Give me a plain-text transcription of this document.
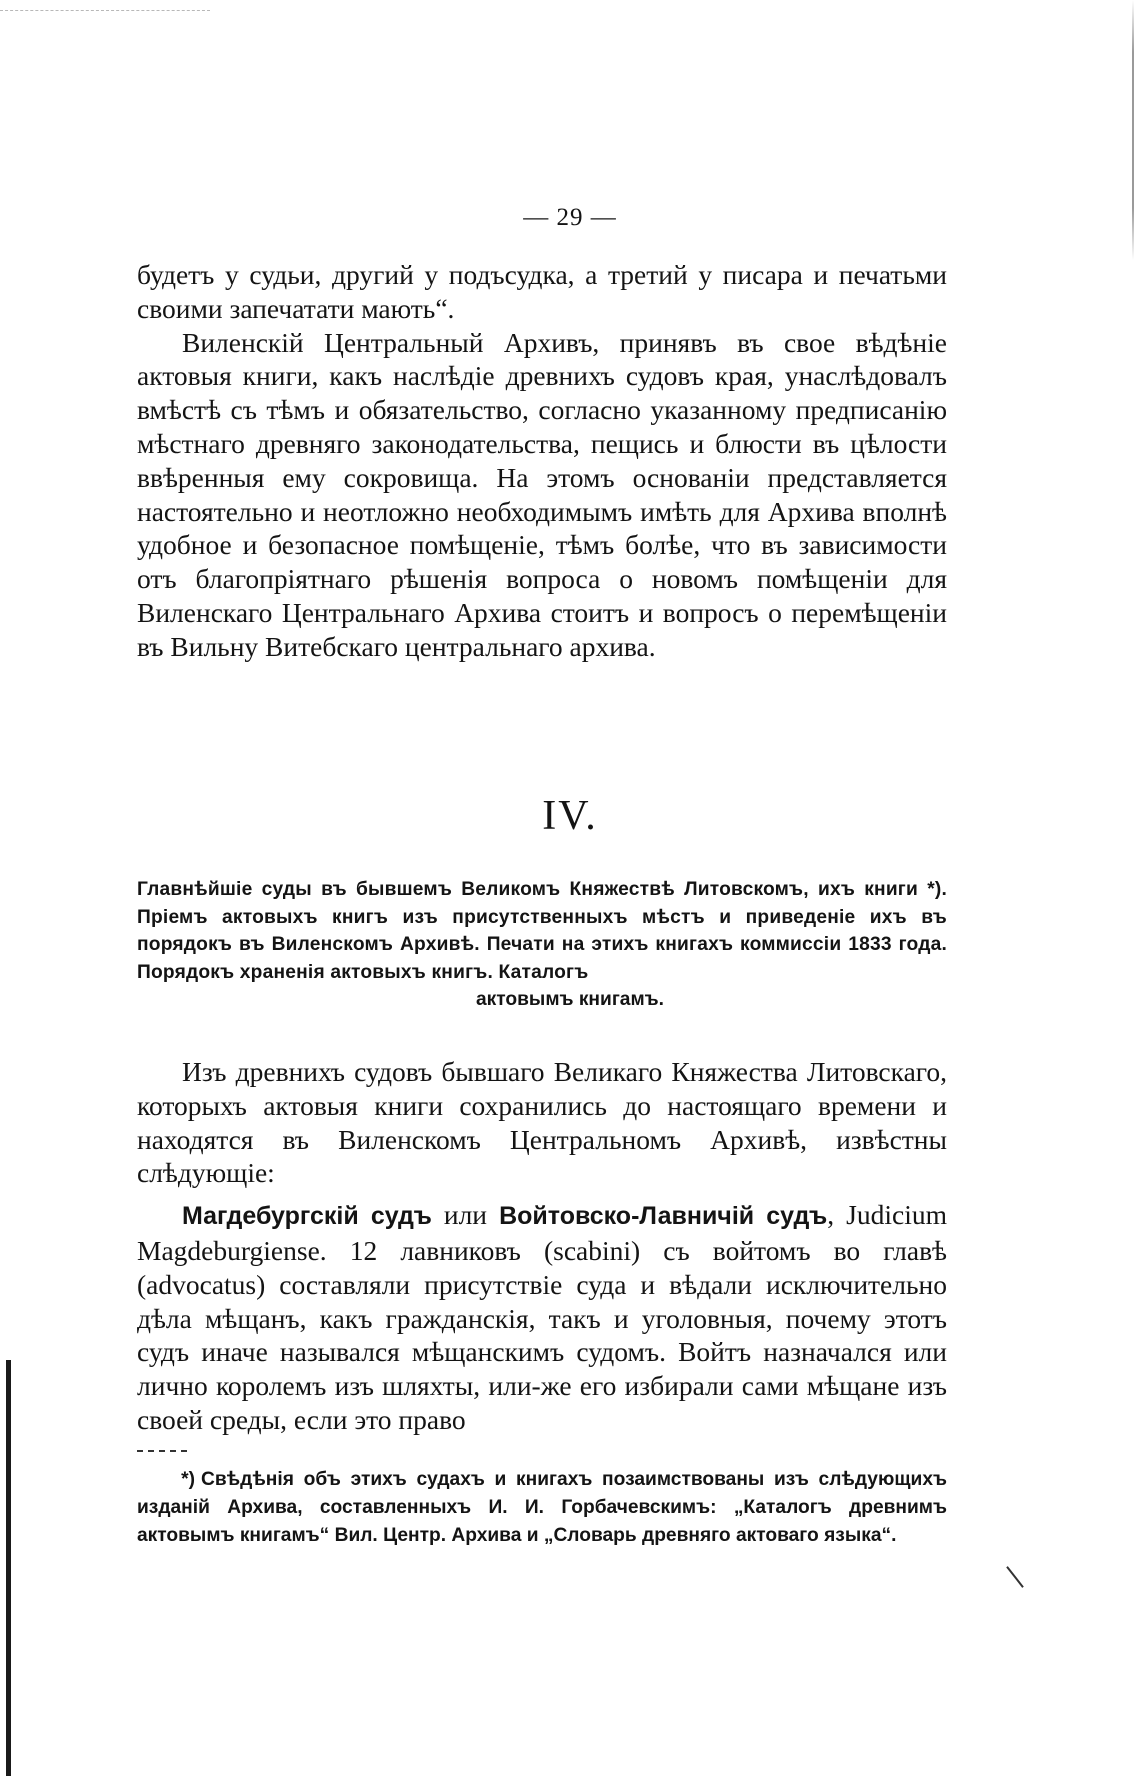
— 29 —

будетъ у судьи, другий у подъсудка, а третий у писара и печатьми своими запечатати мають“.

Виленскій Центральный Архивъ, принявъ въ свое вѣдѣніе актовыя книги, какъ наслѣдіе древнихъ судовъ края, унаслѣдовалъ вмѣстѣ съ тѣмъ и обязательство, согласно указанному предписанію мѣстнаго древняго законодательства, пещись и блюсти въ цѣлости ввѣренныя ему сокровища. На этомъ основаніи представляется настоятельно и неотложно необходимымъ имѣть для Архива вполнѣ удобное и безопасное помѣщеніе, тѣмъ болѣе, что въ зависимости отъ благопріятнаго рѣшенія вопроса о новомъ помѣщеніи для Виленскаго Центральнаго Архива стоитъ и вопросъ о перемѣщеніи въ Вильну Витебскаго центральнаго архива.

IV.
Главнѣйшіе суды въ бывшемъ Великомъ Княжествѣ Литовскомъ, ихъ книги *). Пріемъ актовыхъ книгъ изъ присутственныхъ мѣстъ и приведеніе ихъ въ порядокъ въ Виленскомъ Архивѣ. Печати на этихъ книгахъ коммиссіи 1833 года. Порядокъ храненія актовыхъ книгъ. Каталогъ
актовымъ книгамъ.

Изъ древнихъ судовъ бывшаго Великаго Княжества Литовскаго, которыхъ актовыя книги сохранились до настоящаго времени и находятся въ Виленскомъ Центральномъ Архивѣ, извѣстны слѣдующіе:

Магдебургскій судъ или Войтовско-Лавничій судъ, Judicium Magdeburgiense. 12 лавниковъ (scabini) съ войтомъ во главѣ (advocatus) составляли присутствіе суда и вѣдали исключительно дѣла мѣщанъ, какъ гражданскія, такъ и уголовныя, почему этотъ судъ иначе назывался мѣщанскимъ судомъ. Войтъ назначался или лично королемъ изъ шляхты, или-же его избирали сами мѣщане изъ своей среды, если это право

*) Свѣдѣнія объ этихъ судахъ и книгахъ позаимствованы изъ слѣдующихъ изданій Архива, составленныхъ И. И. Горбачевскимъ: „Каталогъ древнимъ актовымъ книгамъ“ Вил. Центр. Архива и „Словарь древняго актоваго языка“.
